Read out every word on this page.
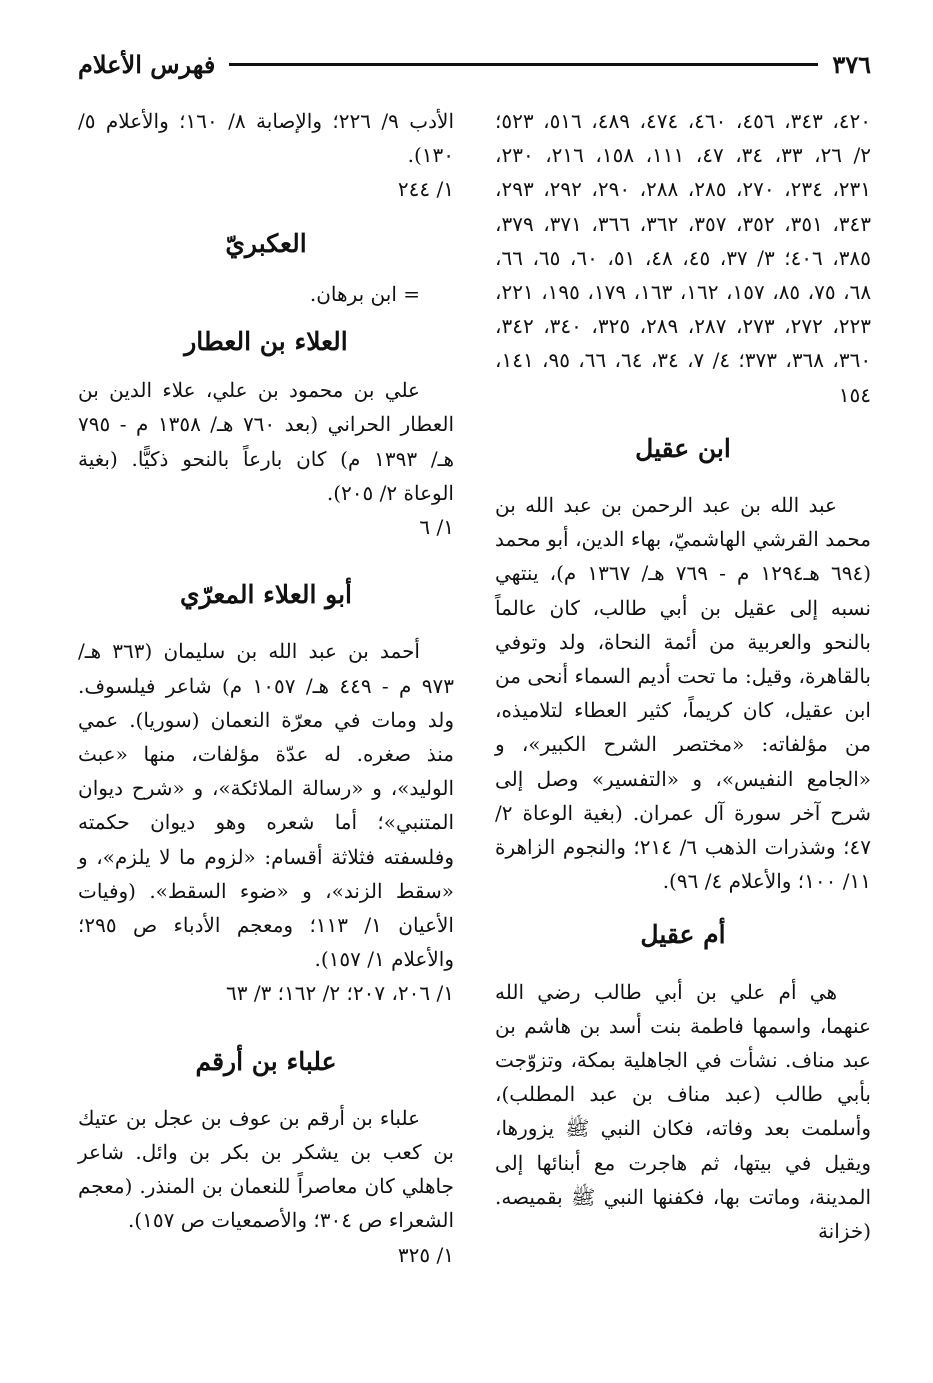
٣٧٦
فهرس الأعلام

٤٢٠، ٣٤٣، ٤٥٦، ٤٦٠، ٤٧٤، ٤٨٩، ٥١٦، ٥٢٣؛ ٢/ ٢٦، ٣٣، ٣٤، ٤٧، ١١١، ١٥٨، ٢١٦، ٢٣٠، ٢٣١، ٢٣٤، ٢٧٠، ٢٨٥، ٢٨٨، ٢٩٠، ٢٩٢، ٢٩٣، ٣٤٣، ٣٥١، ٣٥٢، ٣٥٧، ٣٦٢، ٣٦٦، ٣٧١، ٣٧٩، ٣٨٥، ٤٠٦؛ ٣/ ٣٧، ٤٥، ٤٨، ٥١، ٦٠، ٦٥، ٦٦، ٦٨، ٧٥، ٨٥، ١٥٧، ١٦٢، ١٦٣، ١٧٩، ١٩٥، ٢٢١، ٢٢٣، ٢٧٢، ٢٧٣، ٢٨٧، ٢٨٩، ٣٢٥، ٣٤٠، ٣٤٢، ٣٦٠، ٣٦٨، ٣٧٣؛ ٤/ ٧، ٣٤، ٦٤، ٦٦، ٩٥، ١٤١، ١٥٤

ابن عقيل

عبد الله بن عبد الرحمن بن عبد الله بن محمد القرشي الهاشميّ، بهاء الدين، أبو محمد (٦٩٤ هـ١٢٩٤ م - ٧٦٩ هـ/ ١٣٦٧ م)، ينتهي نسبه إلى عقيل بن أبي طالب، كان عالماً بالنحو والعربية من أئمة النحاة، ولد وتوفي بالقاهرة، وقيل: ما تحت أديم السماء أنحى من ابن عقيل، كان كريماً، كثير العطاء لتلاميذه، من مؤلفاته: «مختصر الشرح الكبير»، و «الجامع النفيس»، و «التفسير» وصل إلى شرح آخر سورة آل عمران. (بغية الوعاة ٢/ ٤٧؛ وشذرات الذهب ٦/ ٢١٤؛ والنجوم الزاهرة ١١/ ١٠٠؛ والأعلام ٤/ ٩٦).

أم عقيل

هي أم علي بن أبي طالب رضي الله عنهما، واسمها فاطمة بنت أسد بن هاشم بن عبد مناف. نشأت في الجاهلية بمكة، وتزوّجت بأبي طالب (عبد مناف بن عبد المطلب)، وأسلمت بعد وفاته، فكان النبي ﷺ يزورها، ويقيل في بيتها، ثم هاجرت مع أبنائها إلى المدينة، وماتت بها، فكفنها النبي ﷺ بقميصه. (خزانة

الأدب ٩/ ٢٢٦؛ والإصابة ٨/ ١٦٠؛ والأعلام ٥/ ١٣٠).

١/ ٢٤٤

العكبريّ

= ابن برهان.

العلاء بن العطار

علي بن محمود بن علي، علاء الدين بن العطار الحراني (بعد ٧٦٠ هـ/ ١٣٥٨ م - ٧٩٥ هـ/ ١٣٩٣ م) كان بارعاً بالنحو ذكيًّا. (بغية الوعاة ٢/ ٢٠٥).

١/ ٦

أبو العلاء المعرّي

أحمد بن عبد الله بن سليمان (٣٦٣ هـ/ ٩٧٣ م - ٤٤٩ هـ/ ١٠٥٧ م) شاعر فيلسوف. ولد ومات في معرّة النعمان (سوريا). عمي منذ صغره. له عدّة مؤلفات، منها «عبث الوليد»، و «رسالة الملائكة»، و «شرح ديوان المتنبي»؛ أما شعره وهو ديوان حكمته وفلسفته فثلاثة أقسام: «لزوم ما لا يلزم»، و «سقط الزند»، و «ضوء السقط». (وفيات الأعيان ١/ ١١٣؛ ومعجم الأدباء ص ٢٩٥؛ والأعلام ١/ ١٥٧).

١/ ٢٠٦، ٢٠٧؛ ٢/ ١٦٢؛ ٣/ ٦٣

علباء بن أرقم

علباء بن أرقم بن عوف بن عجل بن عتيك بن كعب بن يشكر بن بكر بن وائل. شاعر جاهلي كان معاصراً للنعمان بن المنذر. (معجم الشعراء ص ٣٠٤؛ والأصمعيات ص ١٥٧).

١/ ٣٢٥
